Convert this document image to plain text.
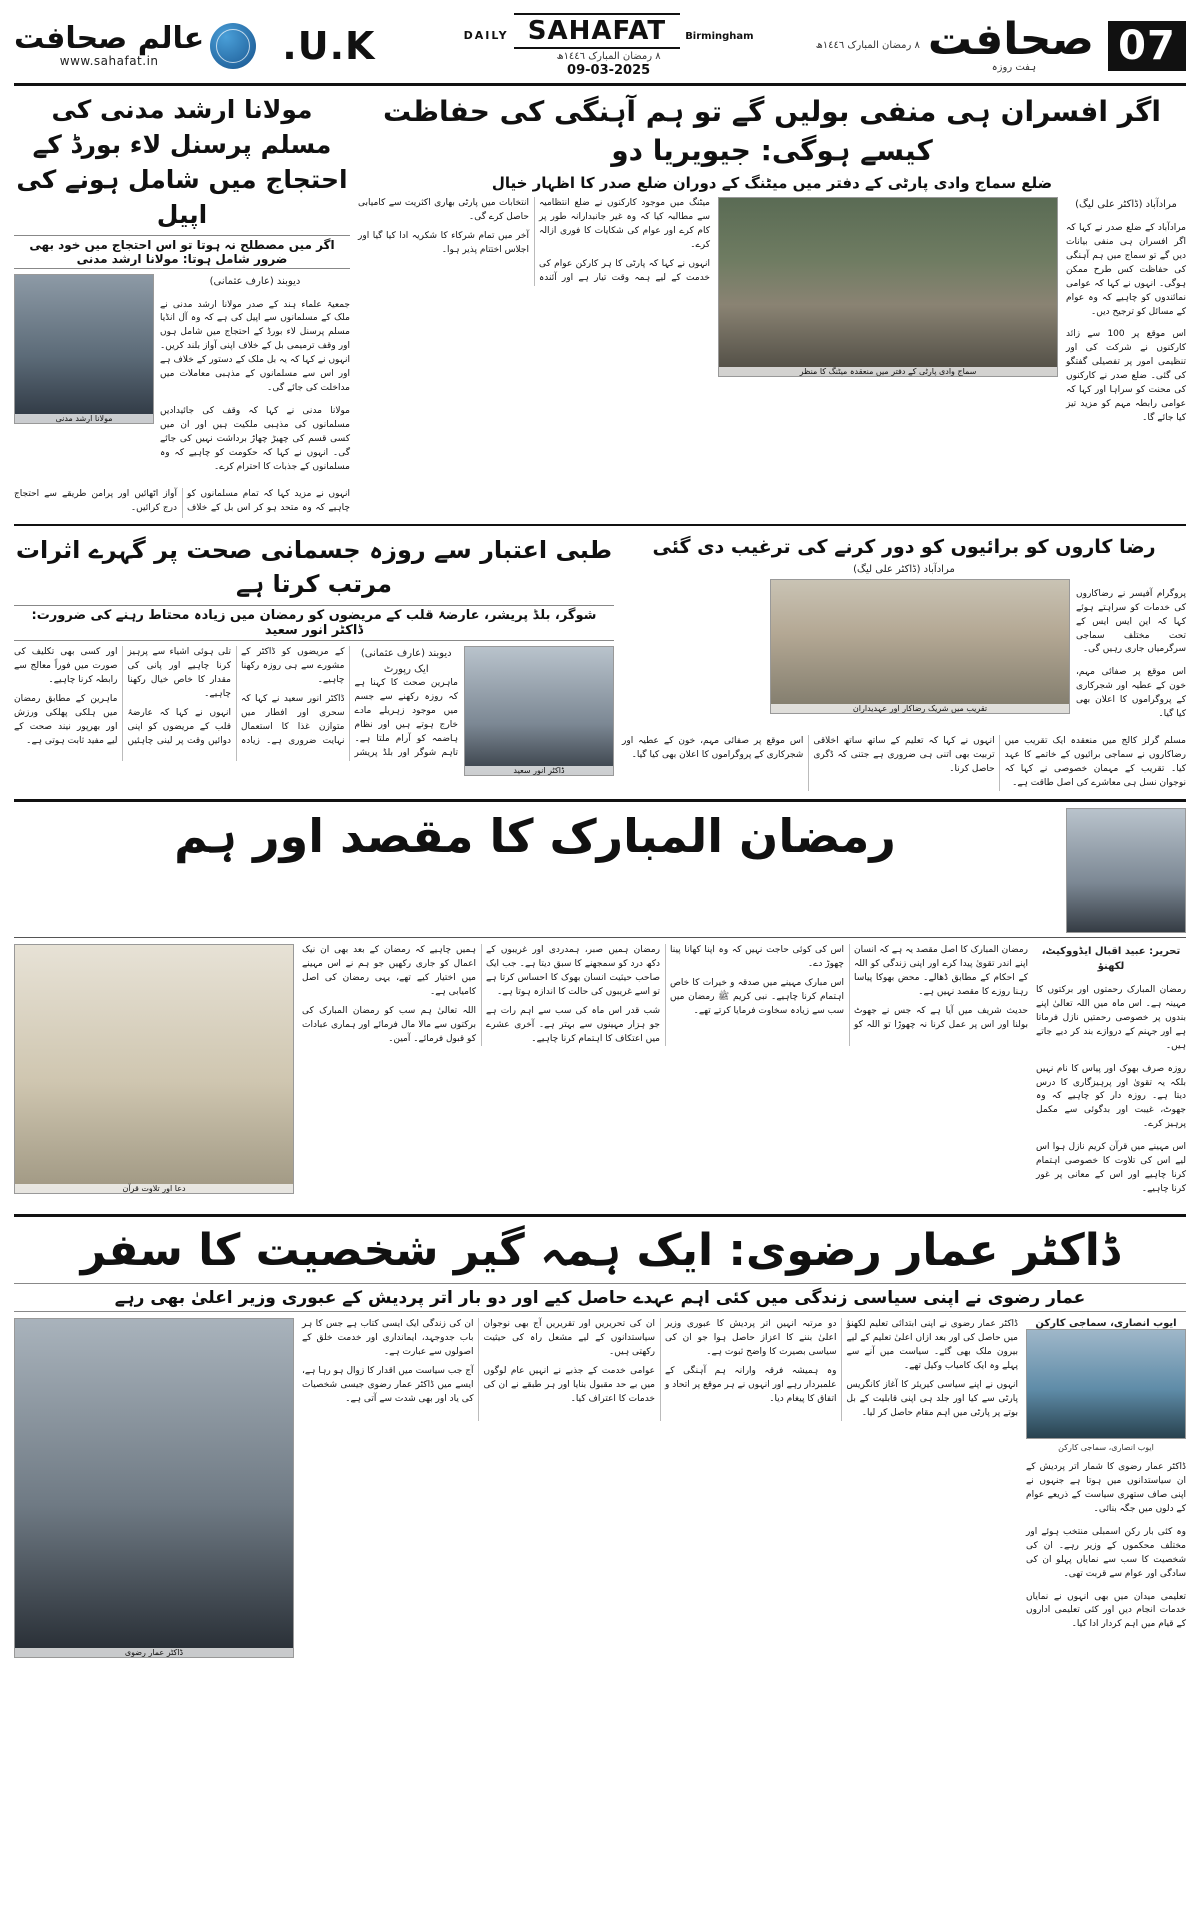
07
صحافت
ہفت روزہ
٨ رمضان المبارک ١٤٤٦ھ
DAILY SAHAFAT Birmingham
٨ رمضان المبارک ١٤٤٦ھ
09-03-2025
U.K.
عالم صحافت
www.sahafat.in
اگر افسران ہی منفی بولیں گے تو ہم آہنگی کی حفاظت کیسے ہوگی: جیویریا دو
ضلع سماج وادی پارٹی کے دفتر میں میٹنگ کے دوران ضلع صدر کا اظہار خیال
مرادآباد (ڈاکٹر علی لیگ)

مرادآباد کے ضلع صدر نے کہا کہ اگر افسران ہی منفی بیانات دیں گے تو سماج میں ہم آہنگی کی حفاظت کس طرح ممکن ہوگی۔ انہوں نے کہا کہ عوامی نمائندوں کو چاہیے کہ وہ عوام کے مسائل کو ترجیح دیں۔

اس موقع پر 100 سے زائد کارکنوں نے شرکت کی اور تنظیمی امور پر تفصیلی گفتگو کی گئی۔ ضلع صدر نے کارکنوں کی محنت کو سراہا اور کہا کہ عوامی رابطہ مہم کو مزید تیز کیا جائے گا۔

سماج وادی پارٹی کے دفتر میں منعقدہ میٹنگ کا منظر

میٹنگ میں موجود کارکنوں نے ضلع انتظامیہ سے مطالبہ کیا کہ وہ غیر جانبدارانہ طور پر کام کرے اور عوام کی شکایات کا فوری ازالہ کرے۔

انہوں نے کہا کہ پارٹی کا ہر کارکن عوام کی خدمت کے لیے ہمہ وقت تیار ہے اور آئندہ انتخابات میں پارٹی بھاری اکثریت سے کامیابی حاصل کرے گی۔

آخر میں تمام شرکاء کا شکریہ ادا کیا گیا اور اجلاس اختتام پذیر ہوا۔

مولانا ارشد مدنی کی مسلم پرسنل لاء بورڈ کے احتجاج میں شامل ہونے کی اپیل
اگر میں مصطلح نہ ہوتا تو اس احتجاج میں خود بھی ضرور شامل ہوتا: مولانا ارشد مدنی
دیوبند (عارف عثمانی)

جمعیۃ علماء ہند کے صدر مولانا ارشد مدنی نے ملک کے مسلمانوں سے اپیل کی ہے کہ وہ آل انڈیا مسلم پرسنل لاء بورڈ کے احتجاج میں شامل ہوں اور وقف ترمیمی بل کے خلاف اپنی آواز بلند کریں۔ انہوں نے کہا کہ یہ بل ملک کے دستور کے خلاف ہے اور اس سے مسلمانوں کے مذہبی معاملات میں مداخلت کی جائے گی۔

مولانا مدنی نے کہا کہ وقف کی جائیدادیں مسلمانوں کی مذہبی ملکیت ہیں اور ان میں کسی قسم کی چھیڑ چھاڑ برداشت نہیں کی جائے گی۔ انہوں نے کہا کہ حکومت کو چاہیے کہ وہ مسلمانوں کے جذبات کا احترام کرے۔

مولانا ارشد مدنی

انہوں نے مزید کہا کہ تمام مسلمانوں کو چاہیے کہ وہ متحد ہو کر اس بل کے خلاف آواز اٹھائیں اور پرامن طریقے سے احتجاج درج کرائیں۔

رضا کاروں کو برائیوں کو دور کرنے کی ترغیب دی گئی
مرادآباد (ڈاکٹر علی لیگ)

پروگرام آفیسر نے رضاکاروں کی خدمات کو سراہتے ہوئے کہا کہ این ایس ایس کے تحت مختلف سماجی سرگرمیاں جاری رہیں گی۔

اس موقع پر صفائی مہم، خون کے عطیہ اور شجرکاری کے پروگراموں کا اعلان بھی کیا گیا۔

تقریب میں شریک رضاکار اور عہدیداران

مسلم گرلز کالج میں منعقدہ ایک تقریب میں رضاکاروں نے سماجی برائیوں کے خاتمے کا عہد کیا۔ تقریب کے مہمان خصوصی نے کہا کہ نوجوان نسل ہی معاشرے کی اصل طاقت ہے۔

انہوں نے کہا کہ تعلیم کے ساتھ ساتھ اخلاقی تربیت بھی اتنی ہی ضروری ہے جتنی کہ ڈگری حاصل کرنا۔

اس موقع پر صفائی مہم، خون کے عطیہ اور شجرکاری کے پروگراموں کا اعلان بھی کیا گیا۔

طبی اعتبار سے روزہ جسمانی صحت پر گہرے اثرات مرتب کرتا ہے
شوگر، بلڈ پریشر، عارضۂ قلب کے مریضوں کو رمضان میں زیادہ محتاط رہنے کی ضرورت: ڈاکٹر انور سعید
ڈاکٹر انور سعید
دیوبند (عارف عثمانی) ایک رپورٹ

ماہرین صحت کا کہنا ہے کہ روزہ رکھنے سے جسم میں موجود زہریلے مادے خارج ہوتے ہیں اور نظام ہاضمہ کو آرام ملتا ہے۔ تاہم شوگر اور بلڈ پریشر کے مریضوں کو ڈاکٹر کے مشورے سے ہی روزہ رکھنا چاہیے۔

ڈاکٹر انور سعید نے کہا کہ سحری اور افطار میں متوازن غذا کا استعمال نہایت ضروری ہے۔ زیادہ تلی ہوئی اشیاء سے پرہیز کرنا چاہیے اور پانی کی مقدار کا خاص خیال رکھنا چاہیے۔

انہوں نے کہا کہ عارضۂ قلب کے مریضوں کو اپنی دوائیں وقت پر لینی چاہئیں اور کسی بھی تکلیف کی صورت میں فوراً معالج سے رابطہ کرنا چاہیے۔

ماہرین کے مطابق رمضان میں ہلکی پھلکی ورزش اور بھرپور نیند صحت کے لیے مفید ثابت ہوتی ہے۔

رمضان المبارک کا مقصد اور ہم
تحریر: عبید اقبال ایڈووکیٹ، لکھنؤ

رمضان المبارک رحمتوں اور برکتوں کا مہینہ ہے۔ اس ماہ میں اللہ تعالیٰ اپنے بندوں پر خصوصی رحمتیں نازل فرماتا ہے اور جہنم کے دروازے بند کر دیے جاتے ہیں۔

روزہ صرف بھوک اور پیاس کا نام نہیں بلکہ یہ تقویٰ اور پرہیزگاری کا درس دیتا ہے۔ روزہ دار کو چاہیے کہ وہ جھوٹ، غیبت اور بدگوئی سے مکمل پرہیز کرے۔

اس مہینے میں قرآن کریم نازل ہوا اس لیے اس کی تلاوت کا خصوصی اہتمام کرنا چاہیے اور اس کے معانی پر غور کرنا چاہیے۔

رمضان المبارک کا اصل مقصد یہ ہے کہ انسان اپنے اندر تقویٰ پیدا کرے اور اپنی زندگی کو اللہ کے احکام کے مطابق ڈھالے۔ محض بھوکا پیاسا رہنا روزے کا مقصد نہیں ہے۔

حدیث شریف میں آیا ہے کہ جس نے جھوٹ بولنا اور اس پر عمل کرنا نہ چھوڑا تو اللہ کو اس کی کوئی حاجت نہیں کہ وہ اپنا کھانا پینا چھوڑ دے۔

اس مبارک مہینے میں صدقہ و خیرات کا خاص اہتمام کرنا چاہیے۔ نبی کریم ﷺ رمضان میں سب سے زیادہ سخاوت فرمایا کرتے تھے۔

رمضان ہمیں صبر، ہمدردی اور غریبوں کے دکھ درد کو سمجھنے کا سبق دیتا ہے۔ جب ایک صاحب حیثیت انسان بھوک کا احساس کرتا ہے تو اسے غریبوں کی حالت کا اندازہ ہوتا ہے۔

شب قدر اس ماہ کی سب سے اہم رات ہے جو ہزار مہینوں سے بہتر ہے۔ آخری عشرے میں اعتکاف کا اہتمام کرنا چاہیے۔

ہمیں چاہیے کہ رمضان کے بعد بھی ان نیک اعمال کو جاری رکھیں جو ہم نے اس مہینے میں اختیار کیے تھے، یہی رمضان کی اصل کامیابی ہے۔

اللہ تعالیٰ ہم سب کو رمضان المبارک کی برکتوں سے مالا مال فرمائے اور ہماری عبادات کو قبول فرمائے۔ آمین۔

دعا اور تلاوت قرآن
ڈاکٹر عمار رضوی: ایک ہمہ گیر شخصیت کا سفر
عمار رضوی نے اپنی سیاسی زندگی میں کئی اہم عہدے حاصل کیے اور دو بار اتر پردیش کے عبوری وزیر اعلیٰ بھی رہے
ایوب انصاری، سماجی کارکن
ایوب انصاری، سماجی کارکن

ڈاکٹر عمار رضوی کا شمار اتر پردیش کے ان سیاستدانوں میں ہوتا ہے جنہوں نے اپنی صاف ستھری سیاست کے ذریعے عوام کے دلوں میں جگہ بنائی۔

وہ کئی بار رکن اسمبلی منتخب ہوئے اور مختلف محکموں کے وزیر رہے۔ ان کی شخصیت کا سب سے نمایاں پہلو ان کی سادگی اور عوام سے قربت تھی۔

تعلیمی میدان میں بھی انہوں نے نمایاں خدمات انجام دیں اور کئی تعلیمی اداروں کے قیام میں اہم کردار ادا کیا۔

ڈاکٹر عمار رضوی نے اپنی ابتدائی تعلیم لکھنؤ میں حاصل کی اور بعد ازاں اعلیٰ تعلیم کے لیے بیرون ملک بھی گئے۔ سیاست میں آنے سے پہلے وہ ایک کامیاب وکیل تھے۔

انہوں نے اپنے سیاسی کیریئر کا آغاز کانگریس پارٹی سے کیا اور جلد ہی اپنی قابلیت کے بل بوتے پر پارٹی میں اہم مقام حاصل کر لیا۔

دو مرتبہ انہیں اتر پردیش کا عبوری وزیر اعلیٰ بننے کا اعزاز حاصل ہوا جو ان کی سیاسی بصیرت کا واضح ثبوت ہے۔

وہ ہمیشہ فرقہ وارانہ ہم آہنگی کے علمبردار رہے اور انہوں نے ہر موقع پر اتحاد و اتفاق کا پیغام دیا۔

ان کی تحریریں اور تقریریں آج بھی نوجوان سیاستدانوں کے لیے مشعل راہ کی حیثیت رکھتی ہیں۔

عوامی خدمت کے جذبے نے انہیں عام لوگوں میں بے حد مقبول بنایا اور ہر طبقے نے ان کی خدمات کا اعتراف کیا۔

ان کی زندگی ایک ایسی کتاب ہے جس کا ہر باب جدوجہد، ایمانداری اور خدمت خلق کے اصولوں سے عبارت ہے۔

آج جب سیاست میں اقدار کا زوال ہو رہا ہے، ایسے میں ڈاکٹر عمار رضوی جیسی شخصیات کی یاد اور بھی شدت سے آتی ہے۔

ڈاکٹر عمار رضوی
